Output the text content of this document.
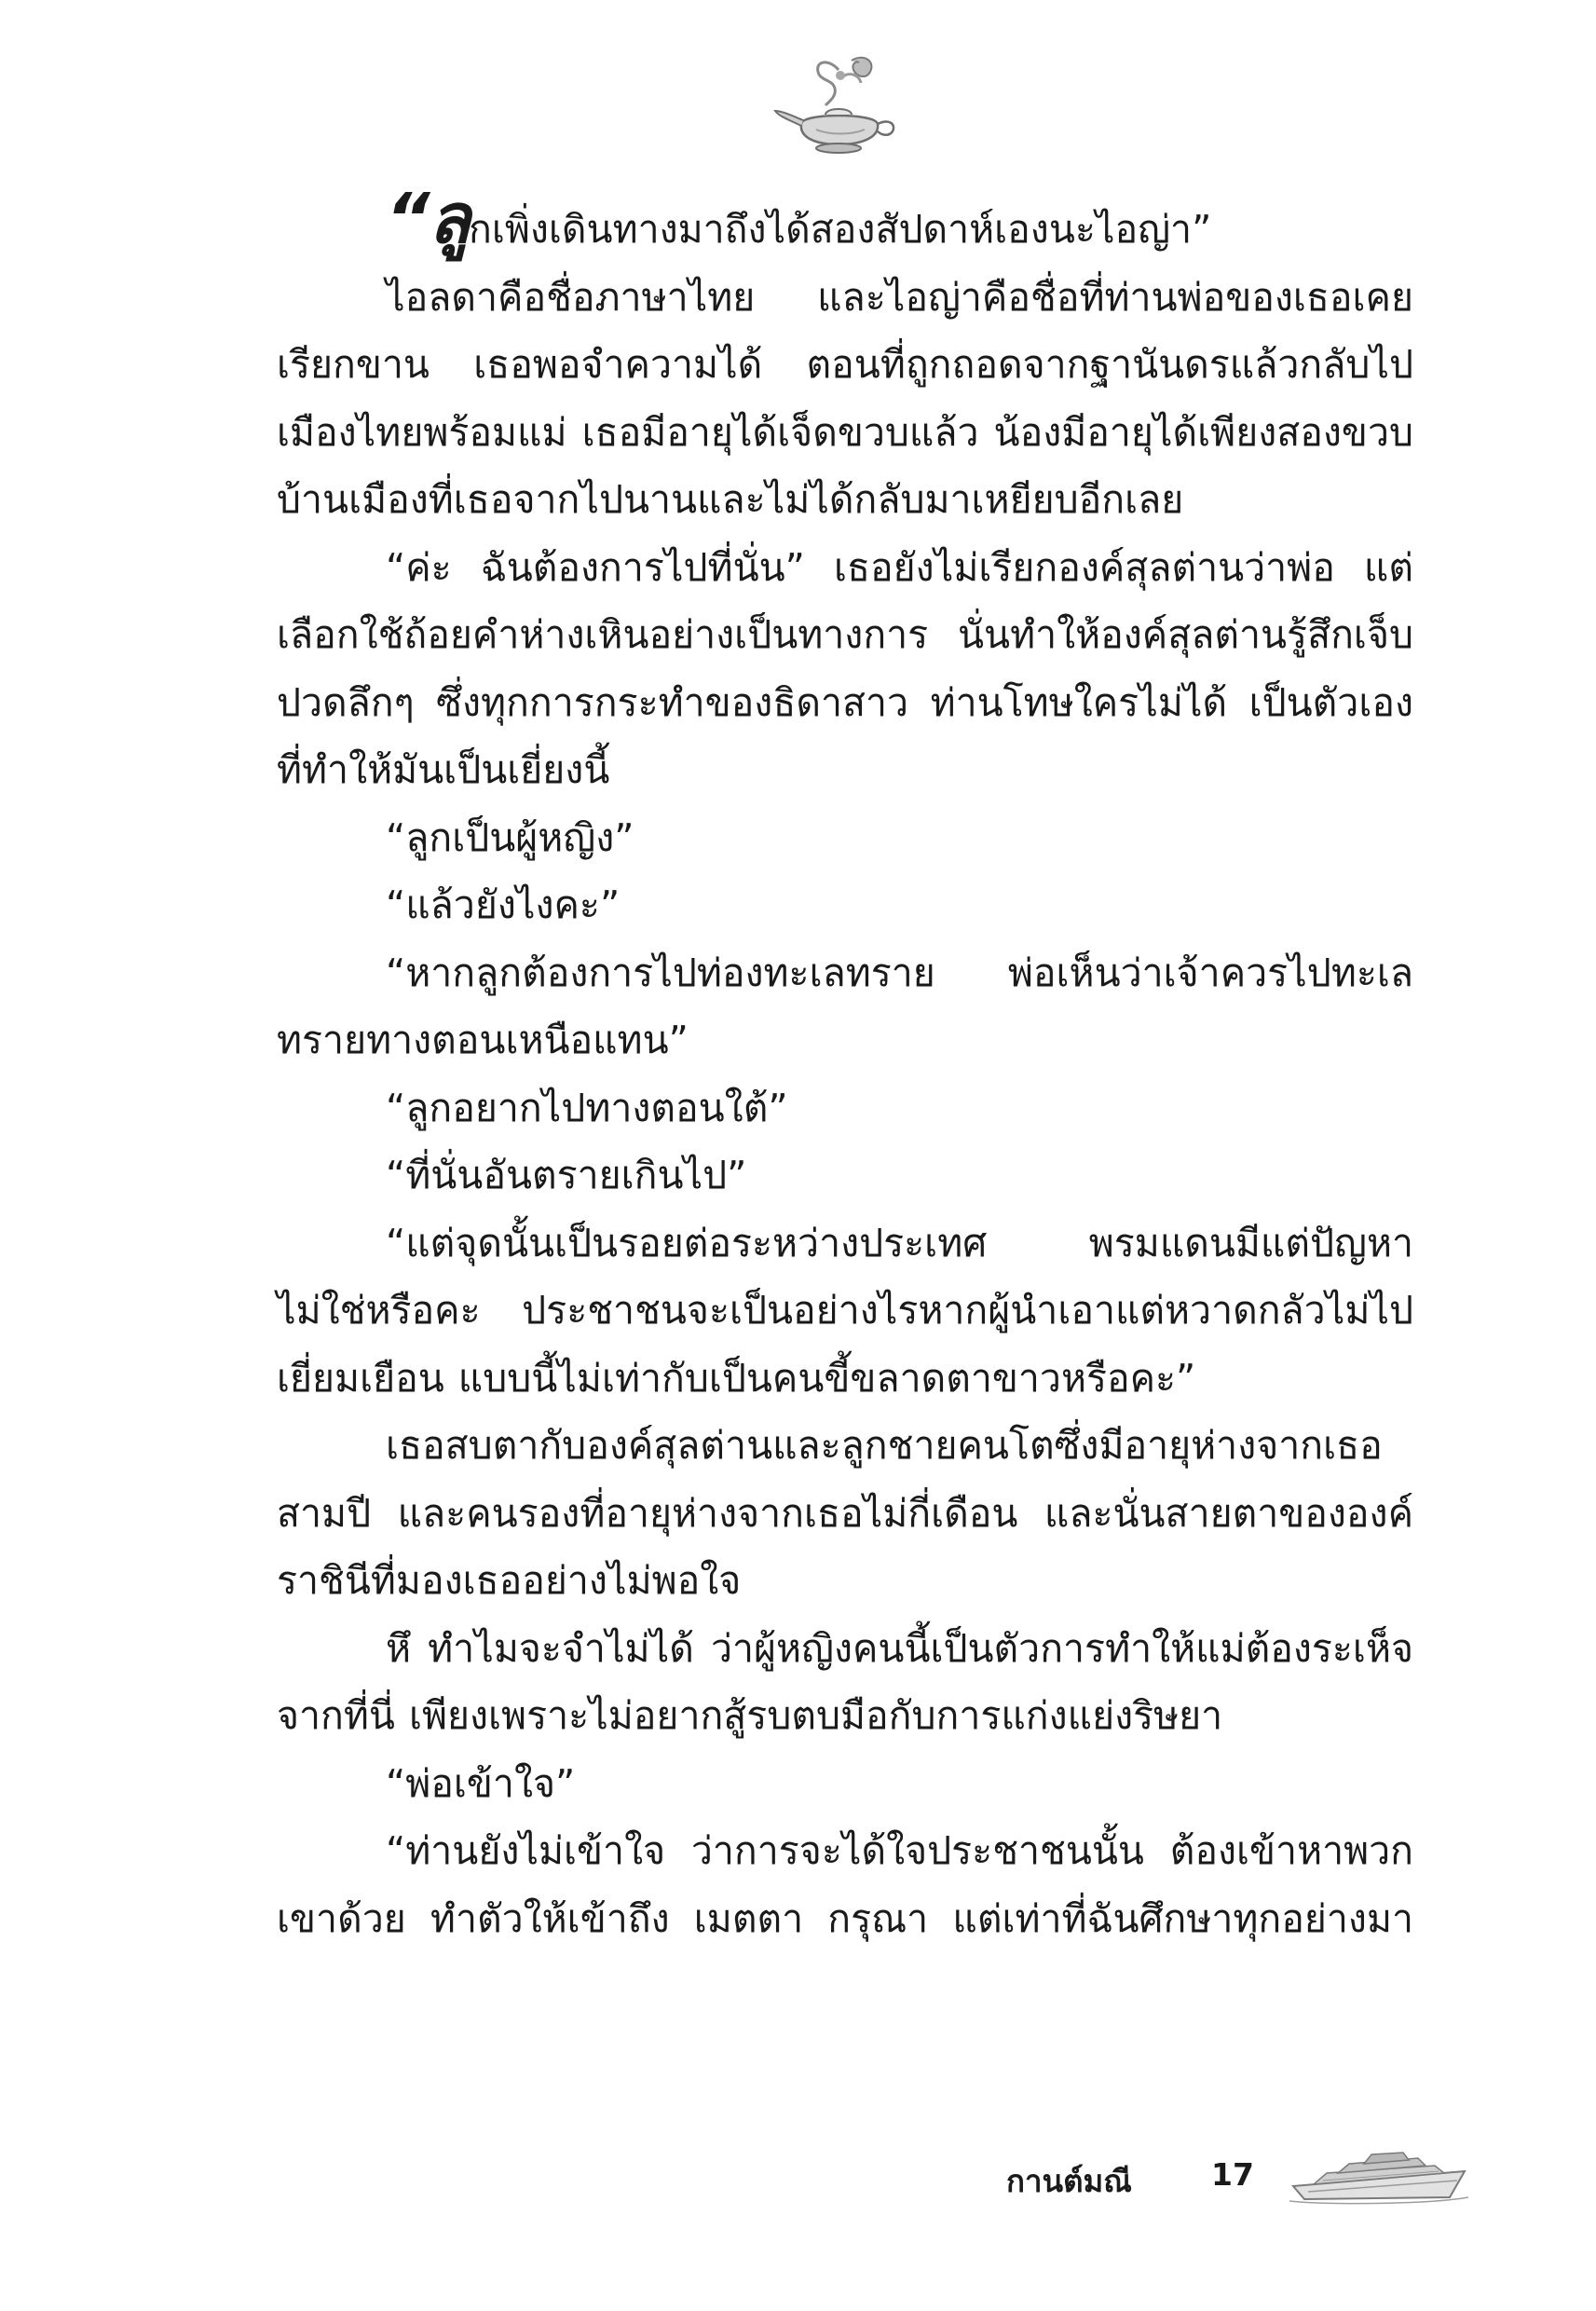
“ลูกเพิ่งเดินทางมาถึงได้สองสัปดาห์เองนะไอญ่า”

ไอลดาคือชื่อภาษาไทย และไอญ่าคือชื่อที่ท่านพ่อของเธอเคยเรียกขาน เธอพอจำความได้ ตอนที่ถูกถอดจากฐานันดรแล้วกลับไปเมืองไทยพร้อมแม่ เธอมีอายุได้เจ็ดขวบแล้ว น้องมีอายุได้เพียงสองขวบ บ้านเมืองที่เธอจากไปนานและไม่ได้กลับมาเหยียบอีกเลย

“ค่ะ ฉันต้องการไปที่นั่น” เธอยังไม่เรียกองค์สุลต่านว่าพ่อ แต่เลือกใช้ถ้อยคำห่างเหินอย่างเป็นทางการ นั่นทำให้องค์สุลต่านรู้สึกเจ็บปวดลึกๆ ซึ่งทุกการกระทำของธิดาสาว ท่านโทษใครไม่ได้ เป็นตัวเองที่ทำให้มันเป็นเยี่ยงนี้

“ลูกเป็นผู้หญิง”

“แล้วยังไงคะ”

“หากลูกต้องการไปท่องทะเลทราย พ่อเห็นว่าเจ้าควรไปทะเลทรายทางตอนเหนือแทน”

“ลูกอยากไปทางตอนใต้”

“ที่นั่นอันตรายเกินไป”

“แต่จุดนั้นเป็นรอยต่อระหว่างประเทศ พรมแดนมีแต่ปัญหาไม่ใช่หรือคะ ประชาชนจะเป็นอย่างไรหากผู้นำเอาแต่หวาดกลัวไม่ไปเยี่ยมเยือน แบบนี้ไม่เท่ากับเป็นคนขี้ขลาดตาขาวหรือคะ”

เธอสบตากับองค์สุลต่านและลูกชายคนโตซึ่งมีอายุห่างจากเธอสามปี และคนรองที่อายุห่างจากเธอไม่กี่เดือน และนั่นสายตาขององค์ราชินีที่มองเธออย่างไม่พอใจ

หึ ทำไมจะจำไม่ได้ ว่าผู้หญิงคนนี้เป็นตัวการทำให้แม่ต้องระเห็จจากที่นี่ เพียงเพราะไม่อยากสู้รบตบมือกับการแก่งแย่งริษยา

“พ่อเข้าใจ”

“ท่านยังไม่เข้าใจ ว่าการจะได้ใจประชาชนนั้น ต้องเข้าหาพวกเขาด้วย ทำตัวให้เข้าถึง เมตตา กรุณา แต่เท่าที่ฉันศึกษาทุกอย่างมา

กานต์มณี	17
